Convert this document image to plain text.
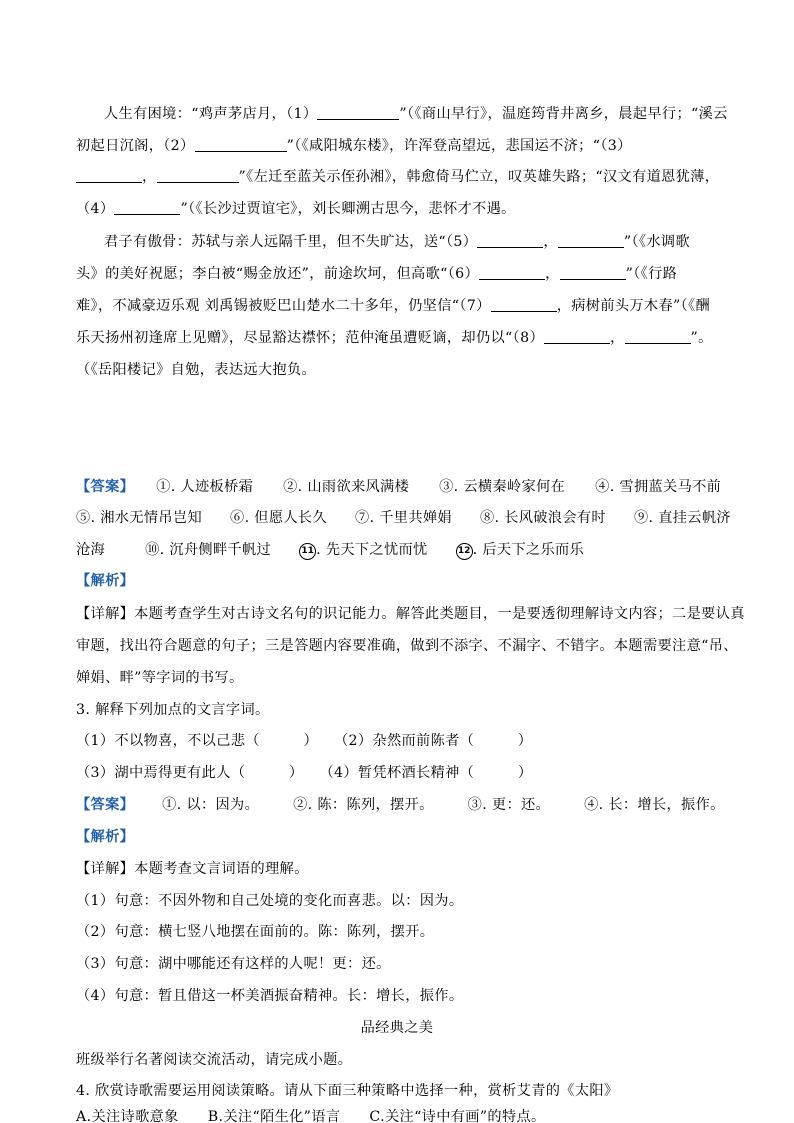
人生有困境：“鸡声茅店月，（1）	”（《商山早行》，温庭筠背井离乡，晨起早行；“溪云
初起日沉阁，（2）	”（《咸阳城东楼》，许浑登高望远，悲国运不济；“（3）
，	”《左迁至蓝关示侄孙湘》，韩愈倚马伫立，叹英雄失路；“汉文有道恩犹薄，
（4）	”（《长沙过贾谊宅》，刘长卿溯古思今，悲怀才不遇。
君子有傲骨：苏轼与亲人远隔千里，但不失旷达，送“（5）	，	”（《水调歌
头》的美好祝愿；李白被“赐金放还”，前途坎坷，但高歌“（6）	，	”（《行路
难》，不减豪迈乐观 刘禹锡被贬巴山楚水二十多年，仍坚信“（7）	，病树前头万木春”（《酬
乐天扬州初逢席上见赠》，尽显豁达襟怀；范仲淹虽遭贬谪，却仍以“（8）	，	”。
（《岳阳楼记》自勉，表达远大抱负。
【答案】 ①. 人迹板桥霜 ②. 山雨欲来风满楼 ③. 云横秦岭家何在 ④. 雪拥蓝关马不前
⑤. 湘水无情吊岂知 ⑥. 但愿人长久 ⑦. 千里共婵娟 ⑧. 长风破浪会有时 ⑨. 直挂云帆济
沧海	⑩. 沉舟侧畔千帆过	11 . 先天下之忧而忧	12 . 后天下之乐而乐
【解析】
【详解】本题考查学生对古诗文名句的识记能力。解答此类题目，一是要透彻理解诗文内容；二是要认真
审题，找出符合题意的句子；三是答题内容要准确，做到不添字、不漏字、不错字。本题需要注意“吊、
婵娟、畔”等字词的书写。
3. 解释下列加点的文言字词。
（1）不以物喜，不以己悲（　　　） （2）杂然而前陈者（　　　）
（3）湖中焉得更有此人（　　　） （4）暂凭杯酒长精神（　　　）
【答案】 ①. 以：因为。 ②. 陈：陈列，摆开。 ③. 更：还。 ④. 长：增长，振作。
【解析】
【详解】本题考查文言词语的理解。
（1）句意：不因外物和自己处境的变化而喜悲。以：因为。
（2）句意：横七竖八地摆在面前的。陈：陈列，摆开。
（3）句意：湖中哪能还有这样的人呢！更：还。
（4）句意：暂且借这一杯美酒振奋精神。长：增长，振作。
品经典之美
班级举行名著阅读交流活动，请完成小题。
4. 欣赏诗歌需要运用阅读策略。请从下面三种策略中选择一种，赏析艾青的《太阳》
A.关注诗歌意象　　B.关注“陌生化”语言　　C.关注“诗中有画”的特点。
